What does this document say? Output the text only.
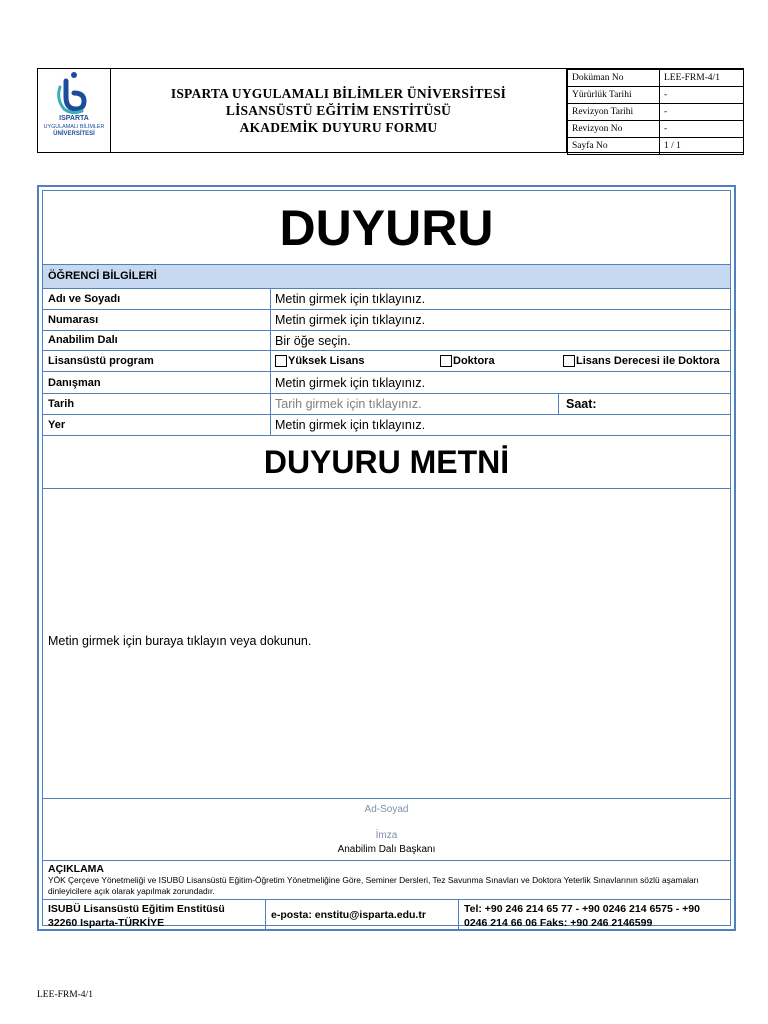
ISPARTA
UYGULAMALI BİLİMLER
ÜNİVERSİTESİ
ISPARTA UYGULAMALI BİLİMLER ÜNİVERSİTESİ
LİSANSÜSTÜ EĞİTİM ENSTİTÜSÜ
AKADEMİK DUYURU FORMU
Doküman No	LEE-FRM-4/1
Yürürlük Tarihi	-
Revizyon Tarihi	-
Revizyon No	-
Sayfa No	1 / 1
DUYURU
ÖĞRENCİ BİLGİLERİ
Adı ve Soyadı	Metin girmek için tıklayınız.
Numarası	Metin girmek için tıklayınız.
Anabilim Dalı	Bir öğe seçin.
Lisansüstü program	Yüksek Lisans	Doktora	Lisans Derecesi ile Doktora
Danışman	Metin girmek için tıklayınız.
Tarih	Tarih girmek için tıklayınız.	Saat:
Yer	Metin girmek için tıklayınız.
DUYURU METNİ
Metin girmek için buraya tıklayın veya dokunun.
Ad-Soyad
İmza
Anabilim Dalı Başkanı
AÇIKLAMA
YÖK Çerçeve Yönetmeliği ve ISUBÜ Lisansüstü Eğitim-Öğretim Yönetmeliğine Göre, Seminer Dersleri, Tez Savunma Sınavları ve Doktora Yeterlik Sınavlarının sözlü aşamaları dinleyicilere açık olarak yapılmak zorundadır.
ISUBÜ Lisansüstü Eğitim Enstitüsü
32260 Isparta-TÜRKİYE
e-posta: enstitu@isparta.edu.tr	Tel: +90 246 214 65 77 - +90 0246 214 6575 - +90 0246 214 66 06 Faks: +90 246 2146599
LEE-FRM-4/1
